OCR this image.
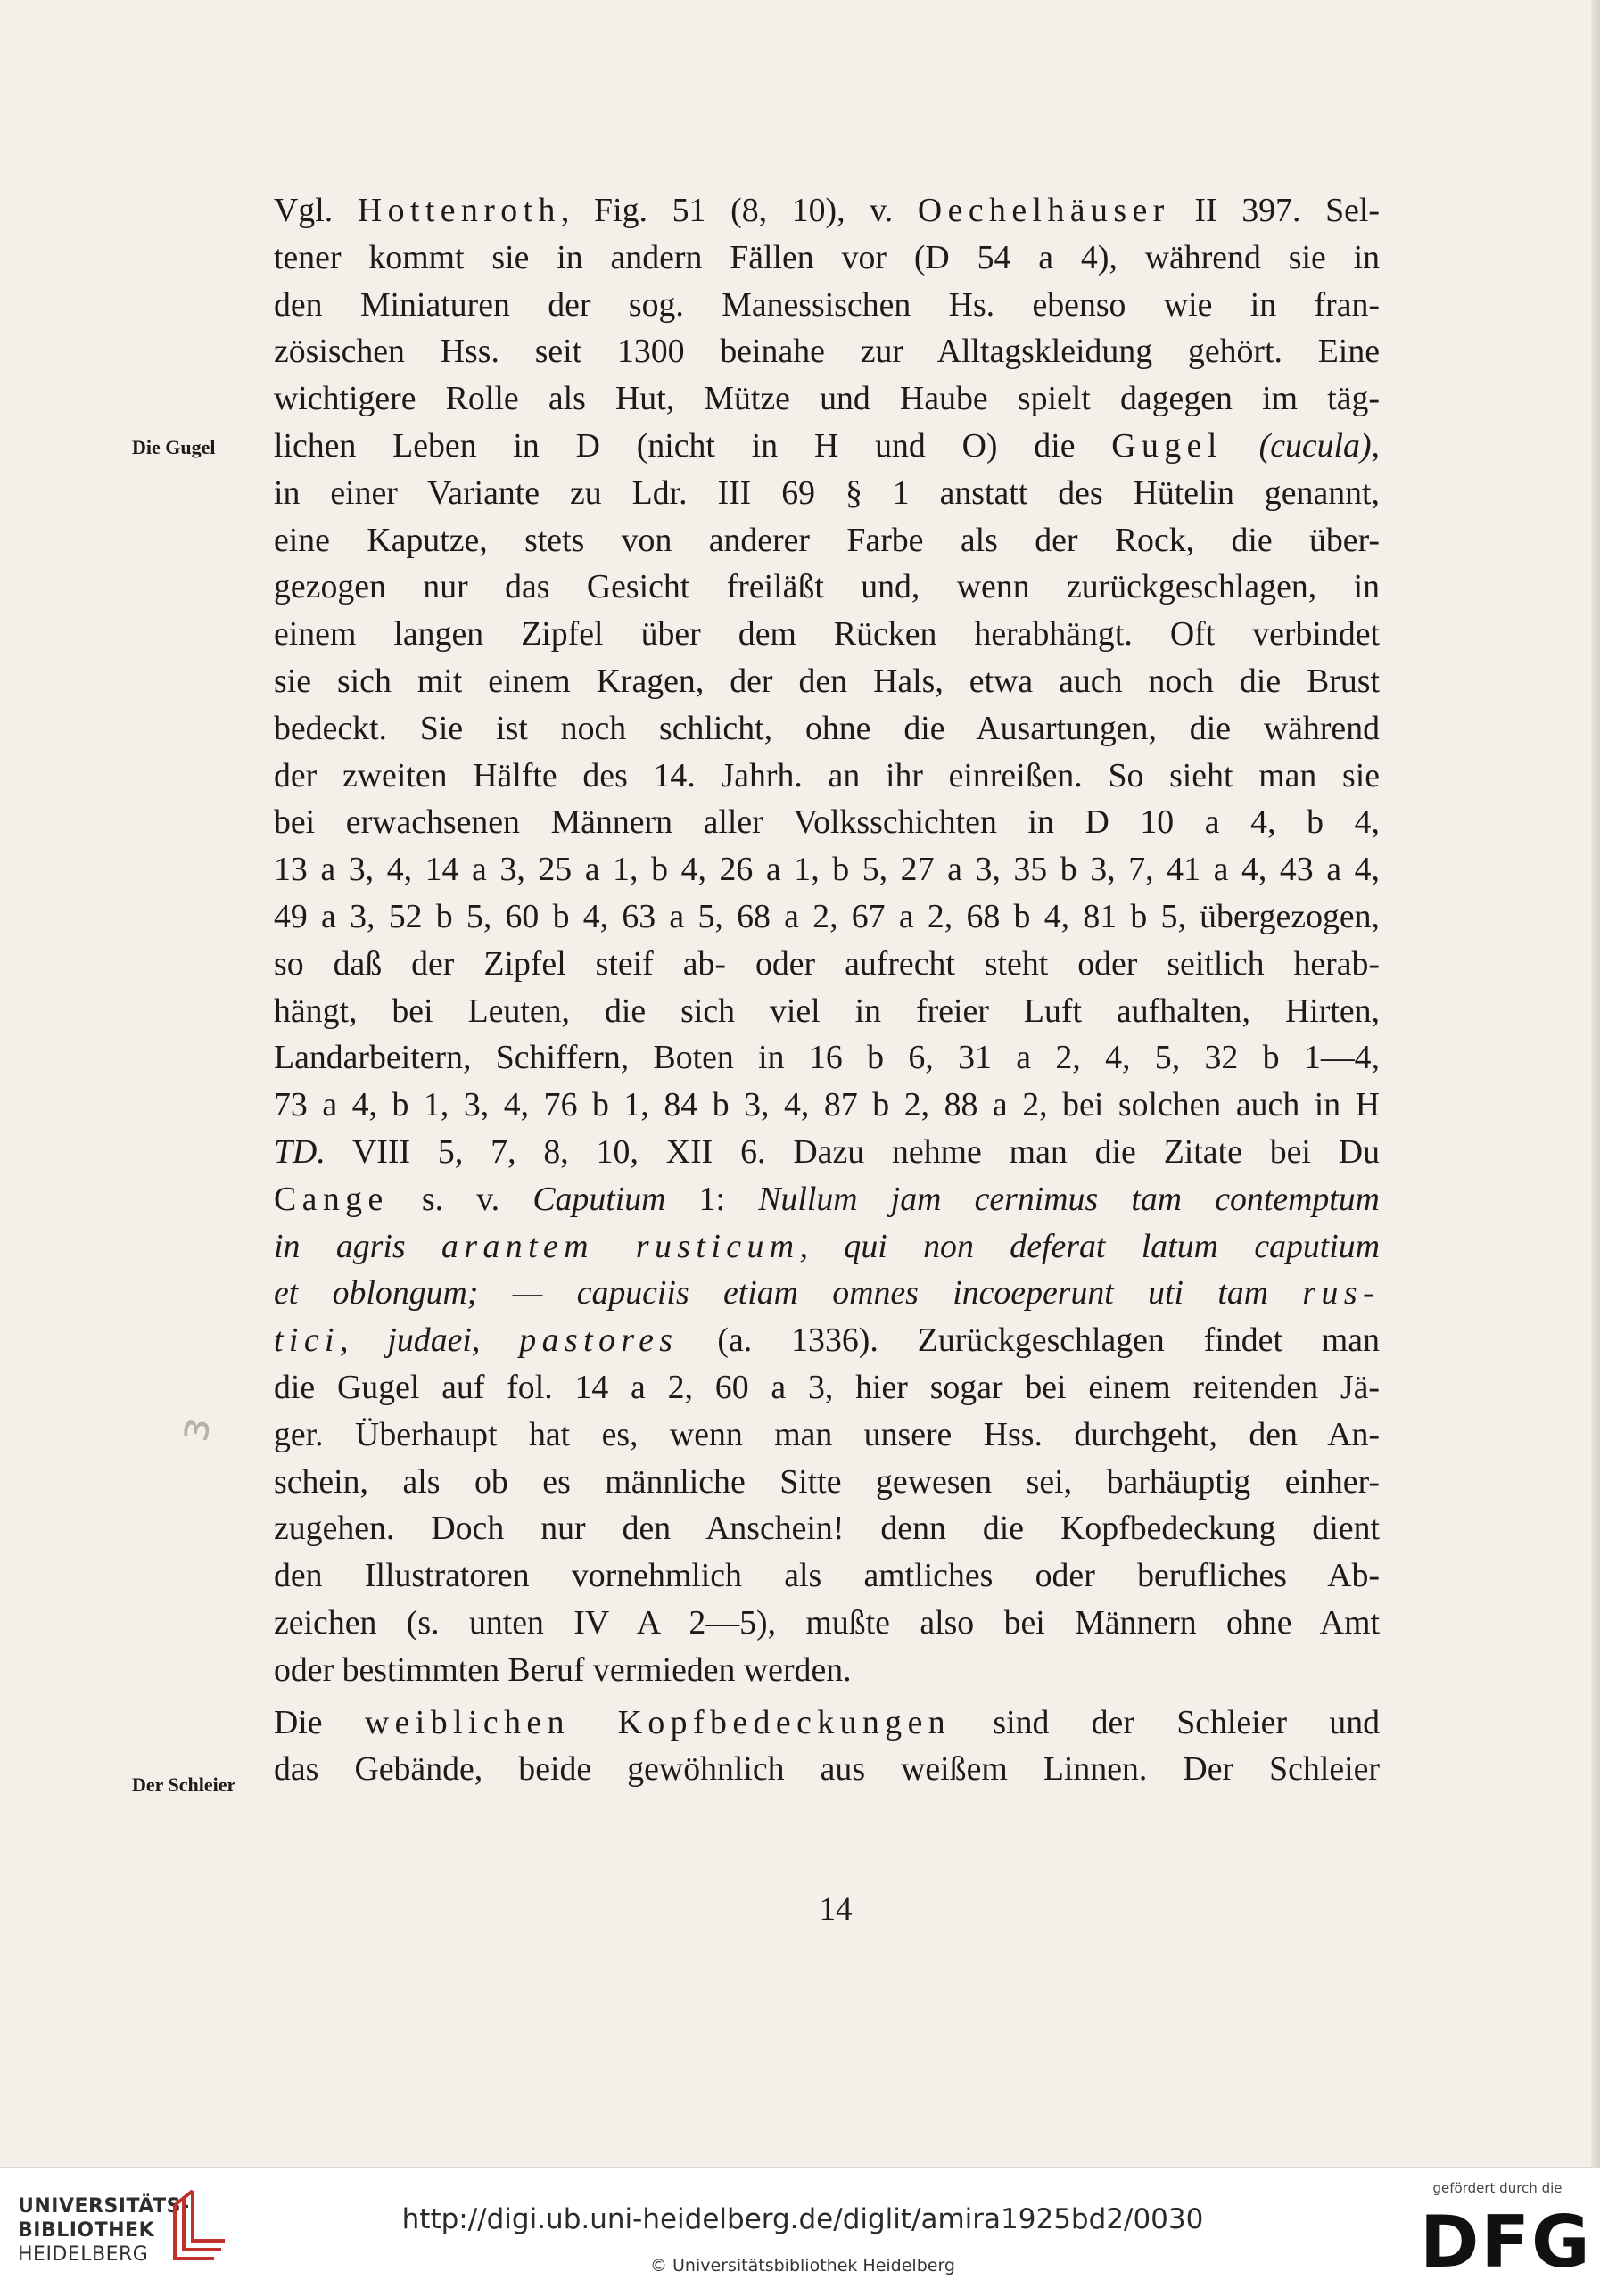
ɜ
Die Gugel
Der Schleier
Vgl. Hottenroth, Fig. 51 (8, 10), v. Oechelhäuser II 397. Sel-
tener kommt sie in andern Fällen vor (D 54 a 4), während sie in
den Miniaturen der sog. Manessischen Hs. ebenso wie in fran-
zösischen Hss. seit 1300 beinahe zur Alltagskleidung gehört. Eine
wichtigere Rolle als Hut, Mütze und Haube spielt dagegen im täg-
lichen Leben in D (nicht in H und O) die Gugel (cucula),
in einer Variante zu Ldr. III 69 § 1 anstatt des Hütelin genannt,
eine Kaputze, stets von anderer Farbe als der Rock, die über-
gezogen nur das Gesicht freiläßt und, wenn zurückgeschlagen, in
einem langen Zipfel über dem Rücken herabhängt. Oft verbindet
sie sich mit einem Kragen, der den Hals, etwa auch noch die Brust
bedeckt. Sie ist noch schlicht, ohne die Ausartungen, die während
der zweiten Hälfte des 14. Jahrh. an ihr einreißen. So sieht man sie
bei erwachsenen Männern aller Volksschichten in D 10 a 4, b 4,
13 a 3, 4, 14 a 3, 25 a 1, b 4, 26 a 1, b 5, 27 a 3, 35 b 3, 7, 41 a 4, 43 a 4,
49 a 3, 52 b 5, 60 b 4, 63 a 5, 68 a 2, 67 a 2, 68 b 4, 81 b 5, übergezogen,
so daß der Zipfel steif ab- oder aufrecht steht oder seitlich herab-
hängt, bei Leuten, die sich viel in freier Luft aufhalten, Hirten,
Landarbeitern, Schiffern, Boten in 16 b 6, 31 a 2, 4, 5, 32 b 1—4,
73 a 4, b 1, 3, 4, 76 b 1, 84 b 3, 4, 87 b 2, 88 a 2, bei solchen auch in H
TD. VIII 5, 7, 8, 10, XII 6. Dazu nehme man die Zitate bei Du
Cange s. v. Caputium 1: Nullum jam cernimus tam contemptum
in agris arantem rusticum, qui non deferat latum caputium
et oblongum; — capuciis etiam omnes incoeperunt uti tam rus-
tici, judaei, pastores (a. 1336). Zurückgeschlagen findet man
die Gugel auf fol. 14 a 2, 60 a 3, hier sogar bei einem reitenden Jä-
ger. Überhaupt hat es, wenn man unsere Hss. durchgeht, den An-
schein, als ob es männliche Sitte gewesen sei, barhäuptig einher-
zugehen. Doch nur den Anschein! denn die Kopfbedeckung dient
den Illustratoren vornehmlich als amtliches oder berufliches Ab-
zeichen (s. unten IV A 2—5), mußte also bei Männern ohne Amt
oder bestimmten Beruf vermieden werden.
Die weiblichen Kopfbedeckungen sind der Schleier und
das Gebände, beide gewöhnlich aus weißem Linnen. Der Schleier
14
UNIVERSITÄTS-
BIBLIOTHEK
HEIDELBERG
http://digi.ub.uni-heidelberg.de/diglit/amira1925bd2/0030
© Universitätsbibliothek Heidelberg
gefördert durch die
DFG
